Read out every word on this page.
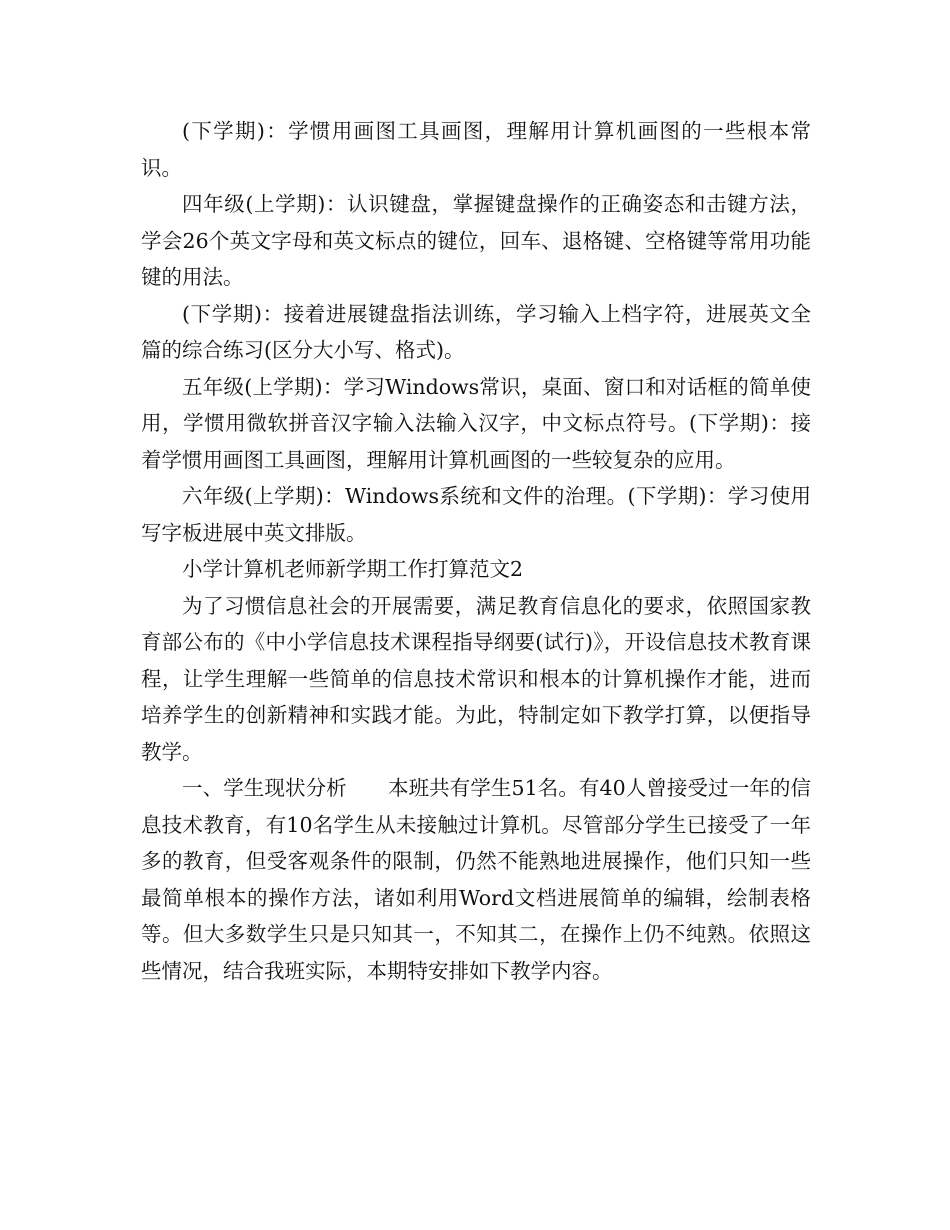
(下学期)：学惯用画图工具画图，理解用计算机画图的一些根本常识。

四年级(上学期)：认识键盘，掌握键盘操作的正确姿态和击键方法，学会26个英文字母和英文标点的键位，回车、退格键、空格键等常用功能键的用法。

(下学期)：接着进展键盘指法训练，学习输入上档字符，进展英文全篇的综合练习(区分大小写、格式)。

五年级(上学期)：学习Windows常识，桌面、窗口和对话框的简单使用，学惯用微软拼音汉字输入法输入汉字，中文标点符号。(下学期)：接着学惯用画图工具画图，理解用计算机画图的一些较复杂的应用。

六年级(上学期)：Windows系统和文件的治理。(下学期)：学习使用写字板进展中英文排版。

小学计算机老师新学期工作打算范文2

为了习惯信息社会的开展需要，满足教育信息化的要求，依照国家教育部公布的《中小学信息技术课程指导纲要(试行)》，开设信息技术教育课程，让学生理解一些简单的信息技术常识和根本的计算机操作才能，进而培养学生的创新精神和实践才能。为此，特制定如下教学打算，以便指导教学。

一、学生现状分析　　本班共有学生51名。有40人曾接受过一年的信息技术教育，有10名学生从未接触过计算机。尽管部分学生已接受了一年多的教育，但受客观条件的限制，仍然不能熟地进展操作，他们只知一些最简单根本的操作方法，诸如利用Word文档进展简单的编辑，绘制表格等。但大多数学生只是只知其一，不知其二，在操作上仍不纯熟。依照这些情况，结合我班实际，本期特安排如下教学内容。
